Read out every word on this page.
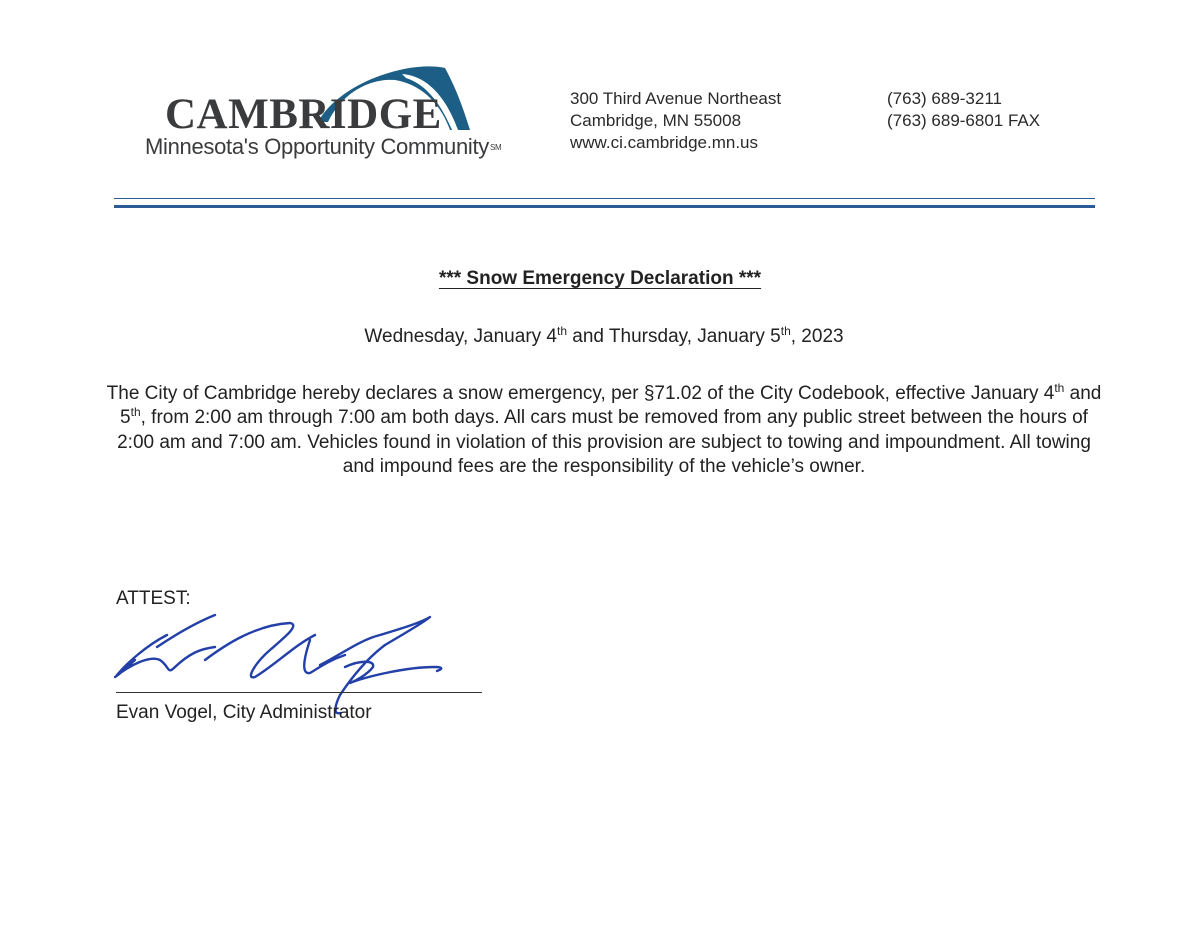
CAMBRIDGE
Minnesota's Opportunity Community℠
300 Third Avenue Northeast
Cambridge, MN 55008
www.ci.cambridge.mn.us
(763) 689-3211
(763) 689-6801 FAX
*** Snow Emergency Declaration ***
Wednesday, January 4th and Thursday, January 5th, 2023
The City of Cambridge hereby declares a snow emergency, per §71.02 of the City Codebook, effective January 4th and 5th, from 2:00 am through 7:00 am both days. All cars must be removed from any public street between the hours of 2:00 am and 7:00 am. Vehicles found in violation of this provision are subject to towing and impoundment. All towing and impound fees are the responsibility of the vehicle’s owner.
ATTEST:
Evan Vogel, City Administrator
